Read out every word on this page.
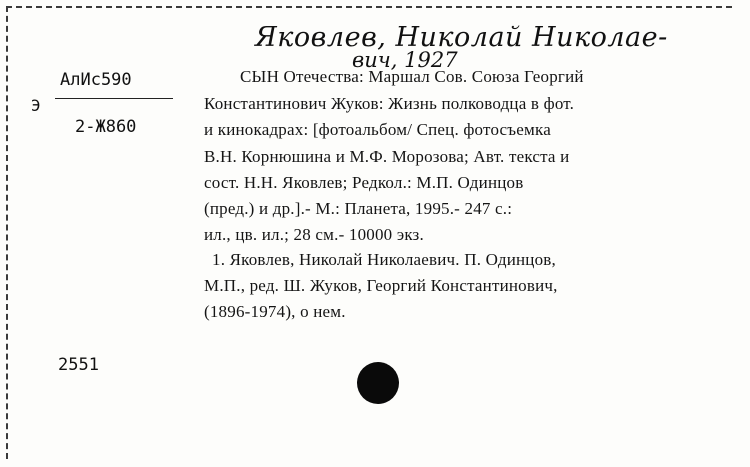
Яковлев, Николай Николае-
вич, 1927
АлИс590
Э
2-Ж860
СЫН Отечества: Маршал Сов. Союза Георгий
Константинович Жуков: Жизнь полководца в фот.
и кинокадрах: [фотоальбом/ Спец. фотосъемка
В.Н. Корнюшина и М.Ф. Морозова; Авт. текста и
сост. Н.Н. Яковлев; Редкол.: М.П. Одинцов
(пред.) и др.].- М.: Планета, 1995.- 247 с.:
ил., цв. ил.; 28 см.- 10000 экз.
1. Яковлев, Николай Николаевич. П. Одинцов,
М.П., ред. Ш. Жуков, Георгий Константинович,
(1896-1974), о нем.
2551
